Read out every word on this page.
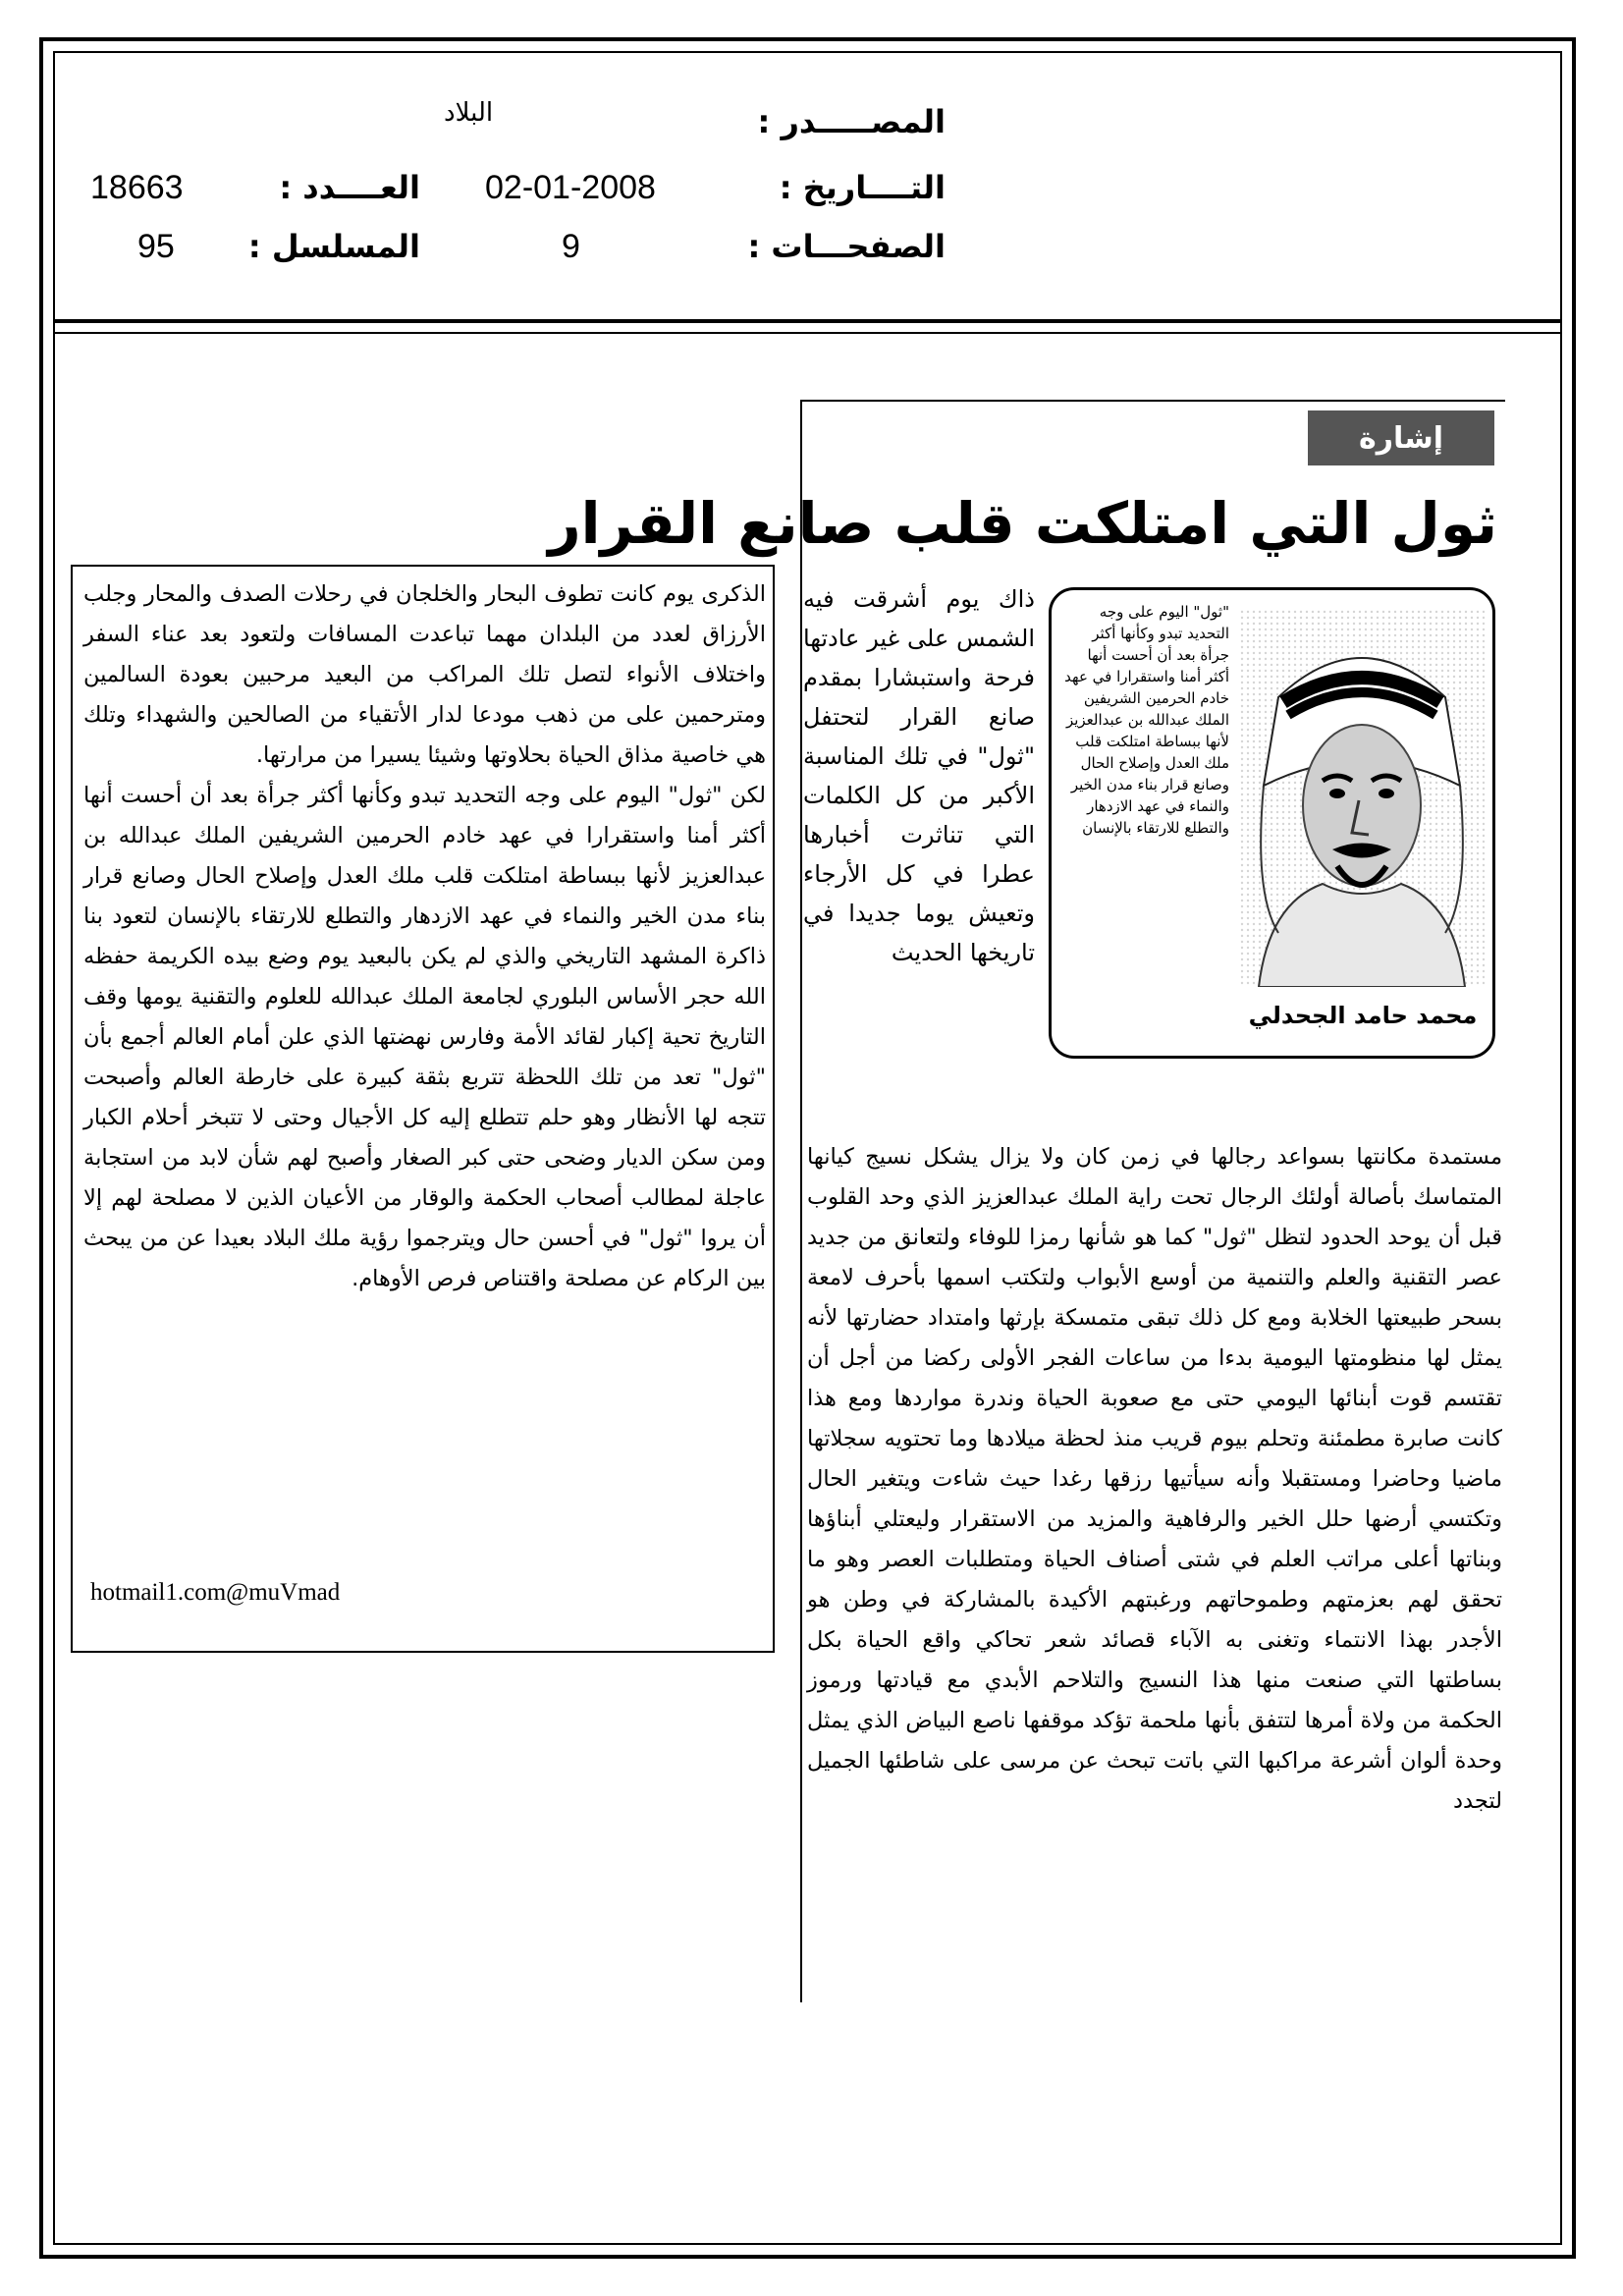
المصـــــدر :
البلاد
التــــاريخ :
02-01-2008
العــــدد :
18663
الصفحـــات :
9
المسلسل :
95
إشارة
ثول التي امتلكت قلب صانع القرار
"ثول" اليوم على وجه التحديد تبدو وكأنها أكثر جرأة بعد أن أحست أنها أكثر أمنا واستقرارا في عهد خادم الحرمين الشريفين الملك عبدالله بن عبدالعزيز لأنها ببساطة امتلكت قلب ملك العدل وإصلاح الحال وصانع قرار بناء مدن الخير والنماء في عهد الازدهار والتطلع للارتقاء بالإنسان
محمد حامد الجحدلي

ذاك يوم أشرقت فيه الشمس على غير عادتها فرحة واستبشارا بمقدم صانع القرار لتحتفل "ثول" في تلك المناسبة الأكبر من كل الكلمات التي تناثرت أخبارها عطرا في كل الأرجاء وتعيش يوما جديدا في تاريخها الحديث

مستمدة مكانتها بسواعد رجالها في زمن كان ولا يزال يشكل نسيج كيانها المتماسك بأصالة أولئك الرجال تحت راية الملك عبدالعزيز الذي وحد القلوب قبل أن يوحد الحدود لتظل "ثول" كما هو شأنها رمزا للوفاء ولتعانق من جديد عصر التقنية والعلم والتنمية من أوسع الأبواب ولتكتب اسمها بأحرف لامعة بسحر طبيعتها الخلابة ومع كل ذلك تبقى متمسكة بإرثها وامتداد حضارتها لأنه يمثل لها منظومتها اليومية بدءا من ساعات الفجر الأولى ركضا من أجل أن تقتسم قوت أبنائها اليومي حتى مع صعوبة الحياة وندرة مواردها ومع هذا كانت صابرة مطمئنة وتحلم بيوم قريب منذ لحظة ميلادها وما تحتويه سجلاتها ماضيا وحاضرا ومستقبلا وأنه سيأتيها رزقها رغدا حيث شاءت ويتغير الحال وتكتسي أرضها حلل الخير والرفاهية والمزيد من الاستقرار وليعتلي أبناؤها وبناتها أعلى مراتب العلم في شتى أصناف الحياة ومتطلبات العصر وهو ما تحقق لهم بعزمتهم وطموحاتهم ورغبتهم الأكيدة بالمشاركة في وطن هو الأجدر بهذا الانتماء وتغنى به الآباء قصائد شعر تحاكي واقع الحياة بكل بساطتها التي صنعت منها هذا النسيج والتلاحم الأبدي مع قيادتها ورموز الحكمة من ولاة أمرها لتتفق بأنها ملحمة تؤكد موقفها ناصع البياض الذي يمثل وحدة ألوان أشرعة مراكبها التي باتت تبحث عن مرسى على شاطئها الجميل لتجدد

الذكرى يوم كانت تطوف البحار والخلجان في رحلات الصدف والمحار وجلب الأرزاق لعدد من البلدان مهما تباعدت المسافات ولتعود بعد عناء السفر واختلاف الأنواء لتصل تلك المراكب من البعيد مرحبين بعودة السالمين ومترحمين على من ذهب مودعا لدار الأتقياء من الصالحين والشهداء وتلك هي خاصية مذاق الحياة بحلاوتها وشيئا يسيرا من مرارتها.

لكن "ثول" اليوم على وجه التحديد تبدو وكأنها أكثر جرأة بعد أن أحست أنها أكثر أمنا واستقرارا في عهد خادم الحرمين الشريفين الملك عبدالله بن عبدالعزيز لأنها ببساطة امتلكت قلب ملك العدل وإصلاح الحال وصانع قرار بناء مدن الخير والنماء في عهد الازدهار والتطلع للارتقاء بالإنسان لتعود بنا ذاكرة المشهد التاريخي والذي لم يكن بالبعيد يوم وضع بيده الكريمة حفظه الله حجر الأساس البلوري لجامعة الملك عبدالله للعلوم والتقنية يومها وقف التاريخ تحية إكبار لقائد الأمة وفارس نهضتها الذي علن أمام العالم أجمع بأن "ثول" تعد من تلك اللحظة تتربع بثقة كبيرة على خارطة العالم وأصبحت تتجه لها الأنظار وهو حلم تتطلع إليه كل الأجيال وحتى لا تتبخر أحلام الكبار ومن سكن الديار وضحى حتى كبر الصغار وأصبح لهم شأن لابد من استجابة عاجلة لمطالب أصحاب الحكمة والوقار من الأعيان الذين لا مصلحة لهم إلا أن يروا "ثول" في أحسن حال ويترجموا رؤية ملك البلاد بعيدا عن من يبحث بين الركام عن مصلحة واقتناص فرص الأوهام.

hotmail1.com@muVmad
